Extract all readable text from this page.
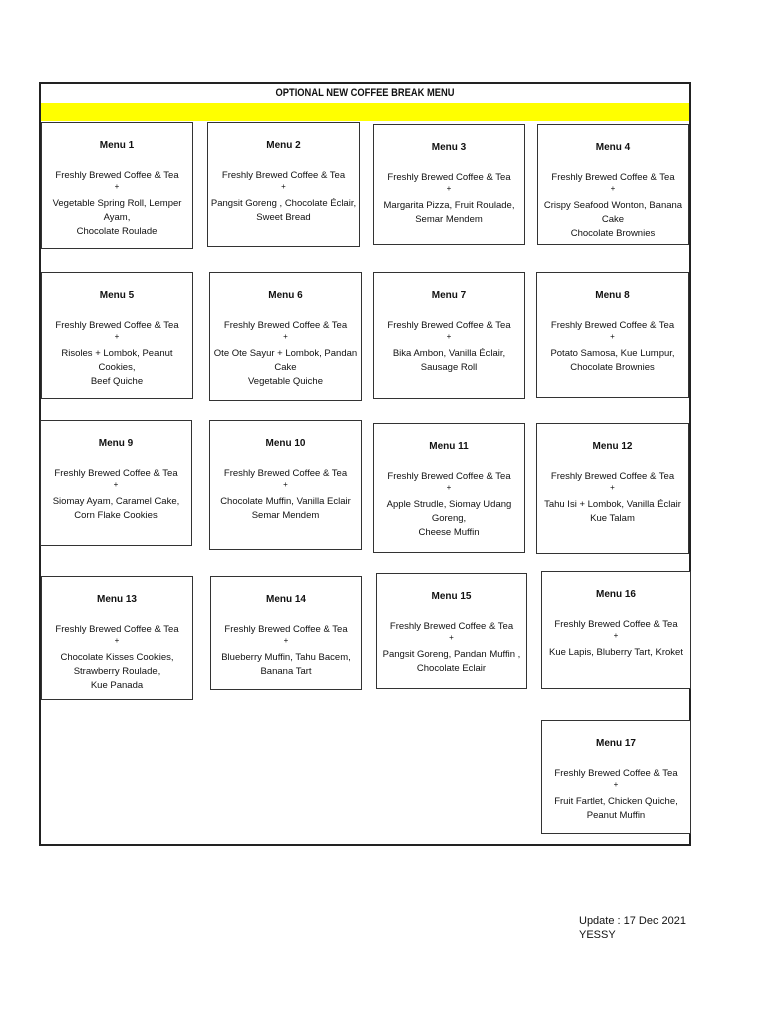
OPTIONAL NEW COFFEE BREAK MENU
Menu 1
Freshly Brewed Coffee & Tea
+
Vegetable Spring Roll, Lemper Ayam,
Chocolate Roulade
Menu 2
Freshly Brewed Coffee & Tea
+
Pangsit Goreng , Chocolate Éclair,
Sweet Bread
Menu 3
Freshly Brewed Coffee & Tea
+
Margarita Pizza, Fruit Roulade,
Semar Mendem
Menu 4
Freshly Brewed Coffee & Tea
+
Crispy Seafood Wonton, Banana Cake
Chocolate Brownies
Menu 5
Freshly Brewed Coffee & Tea
+
Risoles + Lombok, Peanut Cookies,
Beef Quiche
Menu 6
Freshly Brewed Coffee & Tea
+
Ote Ote Sayur + Lombok, Pandan Cake
Vegetable Quiche
Menu 7
Freshly Brewed Coffee & Tea
+
Bika Ambon, Vanilla Éclair,
Sausage Roll
Menu 8
Freshly Brewed Coffee & Tea
+
Potato Samosa, Kue Lumpur,
Chocolate Brownies
Menu 9
Freshly Brewed Coffee & Tea
+
Siomay Ayam, Caramel Cake,
Corn Flake Cookies
Menu 10
Freshly Brewed Coffee & Tea
+
Chocolate Muffin, Vanilla Eclair
Semar Mendem
Menu 11
Freshly Brewed Coffee & Tea
+
Apple Strudle, Siomay Udang Goreng,
Cheese Muffin
Menu 12
Freshly Brewed Coffee & Tea
+
Tahu Isi + Lombok, Vanilla Éclair
Kue Talam
Menu 13
Freshly Brewed Coffee & Tea
+
Chocolate Kisses Cookies, Strawberry Roulade,
Kue Panada
Menu 14
Freshly Brewed Coffee & Tea
+
Blueberry Muffin, Tahu Bacem,
Banana Tart
Menu 15
Freshly Brewed Coffee & Tea
+
Pangsit Goreng, Pandan Muffin ,
Chocolate Eclair
Menu 16
Freshly Brewed Coffee & Tea
+
Kue Lapis, Bluberry Tart, Kroket
Menu 17
Freshly Brewed Coffee & Tea
+
Fruit Fartlet, Chicken Quiche,
Peanut Muffin
Update : 17 Dec 2021
YESSY
